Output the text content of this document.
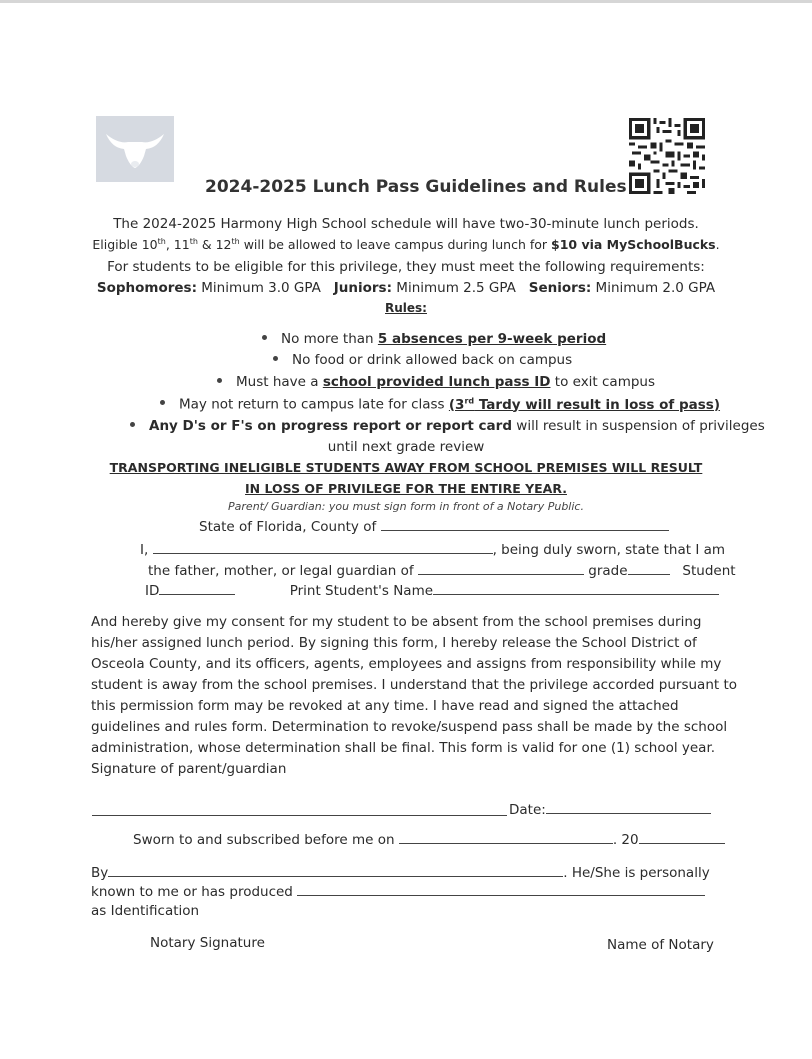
2024-2025 Lunch Pass Guidelines and Rules
The 2024-2025 Harmony High School schedule will have two-30-minute lunch periods.
Eligible 10th, 11th & 12th will be allowed to leave campus during lunch for $10 via MySchoolBucks.
For students to be eligible for this privilege, they must meet the following requirements:
Sophomores: Minimum 3.0 GPA Juniors: Minimum 2.5 GPA Seniors: Minimum 2.0 GPA
Rules:
No more than 5 absences per 9-week period
No food or drink allowed back on campus
Must have a school provided lunch pass ID to exit campus
May not return to campus late for class (3rd Tardy will result in loss of pass)
Any D's or F's on progress report or report card will result in suspension of privileges
until next grade review
TRANSPORTING INELIGIBLE STUDENTS AWAY FROM SCHOOL PREMISES WILL RESULT
IN LOSS OF PRIVILEGE FOR THE ENTIRE YEAR.
Parent/ Guardian: you must sign form in front of a Notary Public.
State of Florida, County of
I,	, being duly sworn, state that I am
the father, mother, or legal guardian of	grade	Student
ID	Print Student's Name
And hereby give my consent for my student to be absent from the school premises during
his/her assigned lunch period. By signing this form, I hereby release the School District of
Osceola County, and its officers, agents, employees and assigns from responsibility while my
student is away from the school premises. I understand that the privilege accorded pursuant to
this permission form may be revoked at any time. I have read and signed the attached
guidelines and rules form. Determination to revoke/suspend pass shall be made by the school
administration, whose determination shall be final. This form is valid for one (1) school year.
Signature of parent/guardian
Date:
Sworn to and subscribed before me on	. 20
By	. He/She is personally
known to me or has produced
as Identification
Notary Signature	Name of Notary
